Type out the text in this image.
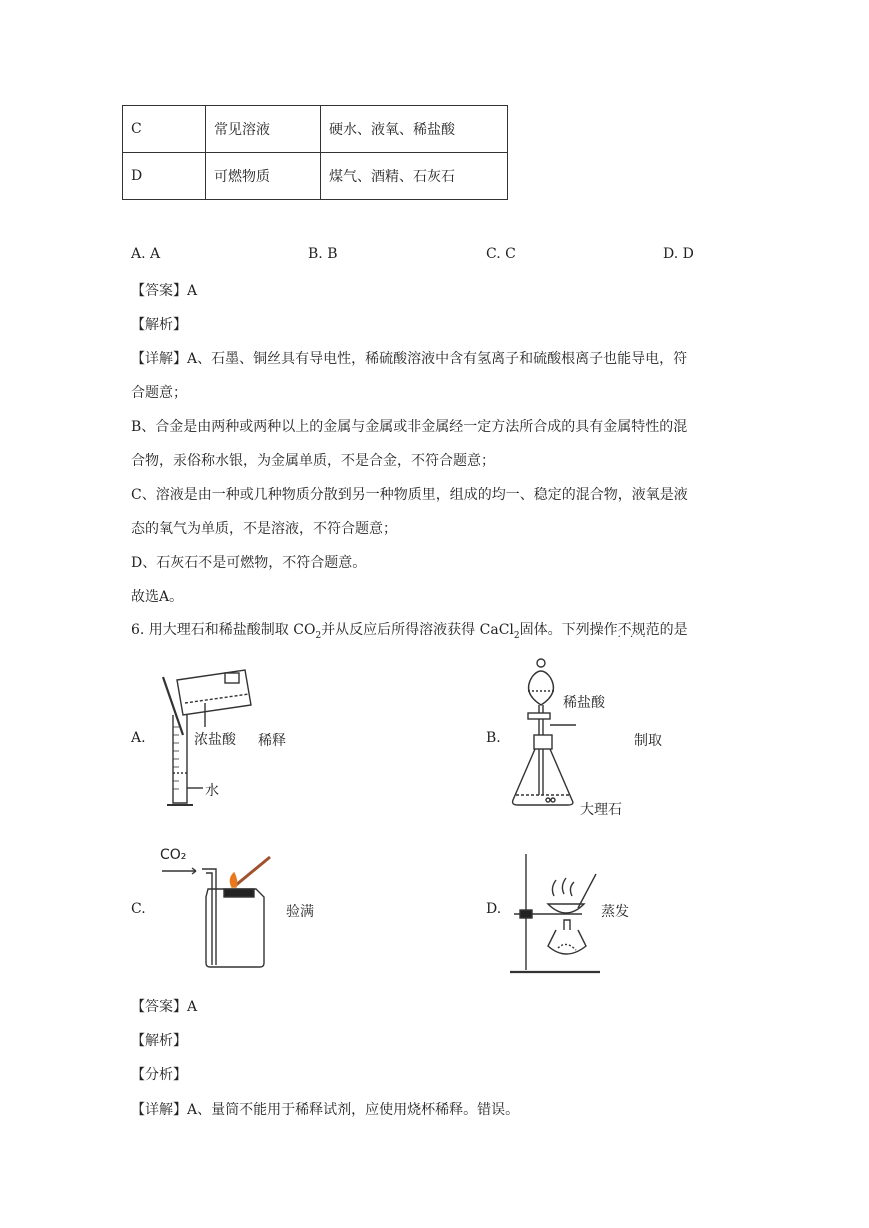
C	常见溶液	硬水、液氧、稀盐酸
D	可燃物质	煤气、酒精、石灰石
A. A	B. B	C. C	D. D
【答案】A
【解析】
【详解】A、石墨、铜丝具有导电性，稀硫酸溶液中含有氢离子和硫酸根离子也能导电，符
合题意；
B、合金是由两种或两种以上的金属与金属或非金属经一定方法所合成的具有金属特性的混
合物，汞俗称水银，为金属单质，不是合金，不符合题意；
C、溶液是由一种或几种物质分散到另一种物质里，组成的均一、稳定的混合物，液氧是液
态的氧气为单质，不是溶液，不符合题意；
D、石灰石不是可燃物，不符合题意。
故选A。
6. 用大理石和稀盐酸制取 $CO_2$并从反应后所得溶液获得 CaCl$_2$固体。下列操作不规范 · · ·的是
A.	浓盐酸
水
稀释	B.
稀盐酸
大理石
制取
C.
CO₂
验满	D.	蒸发
【答案】A
【解析】
【分析】
【详解】A、量筒不能用于稀释试剂，应使用烧杯稀释。错误。
